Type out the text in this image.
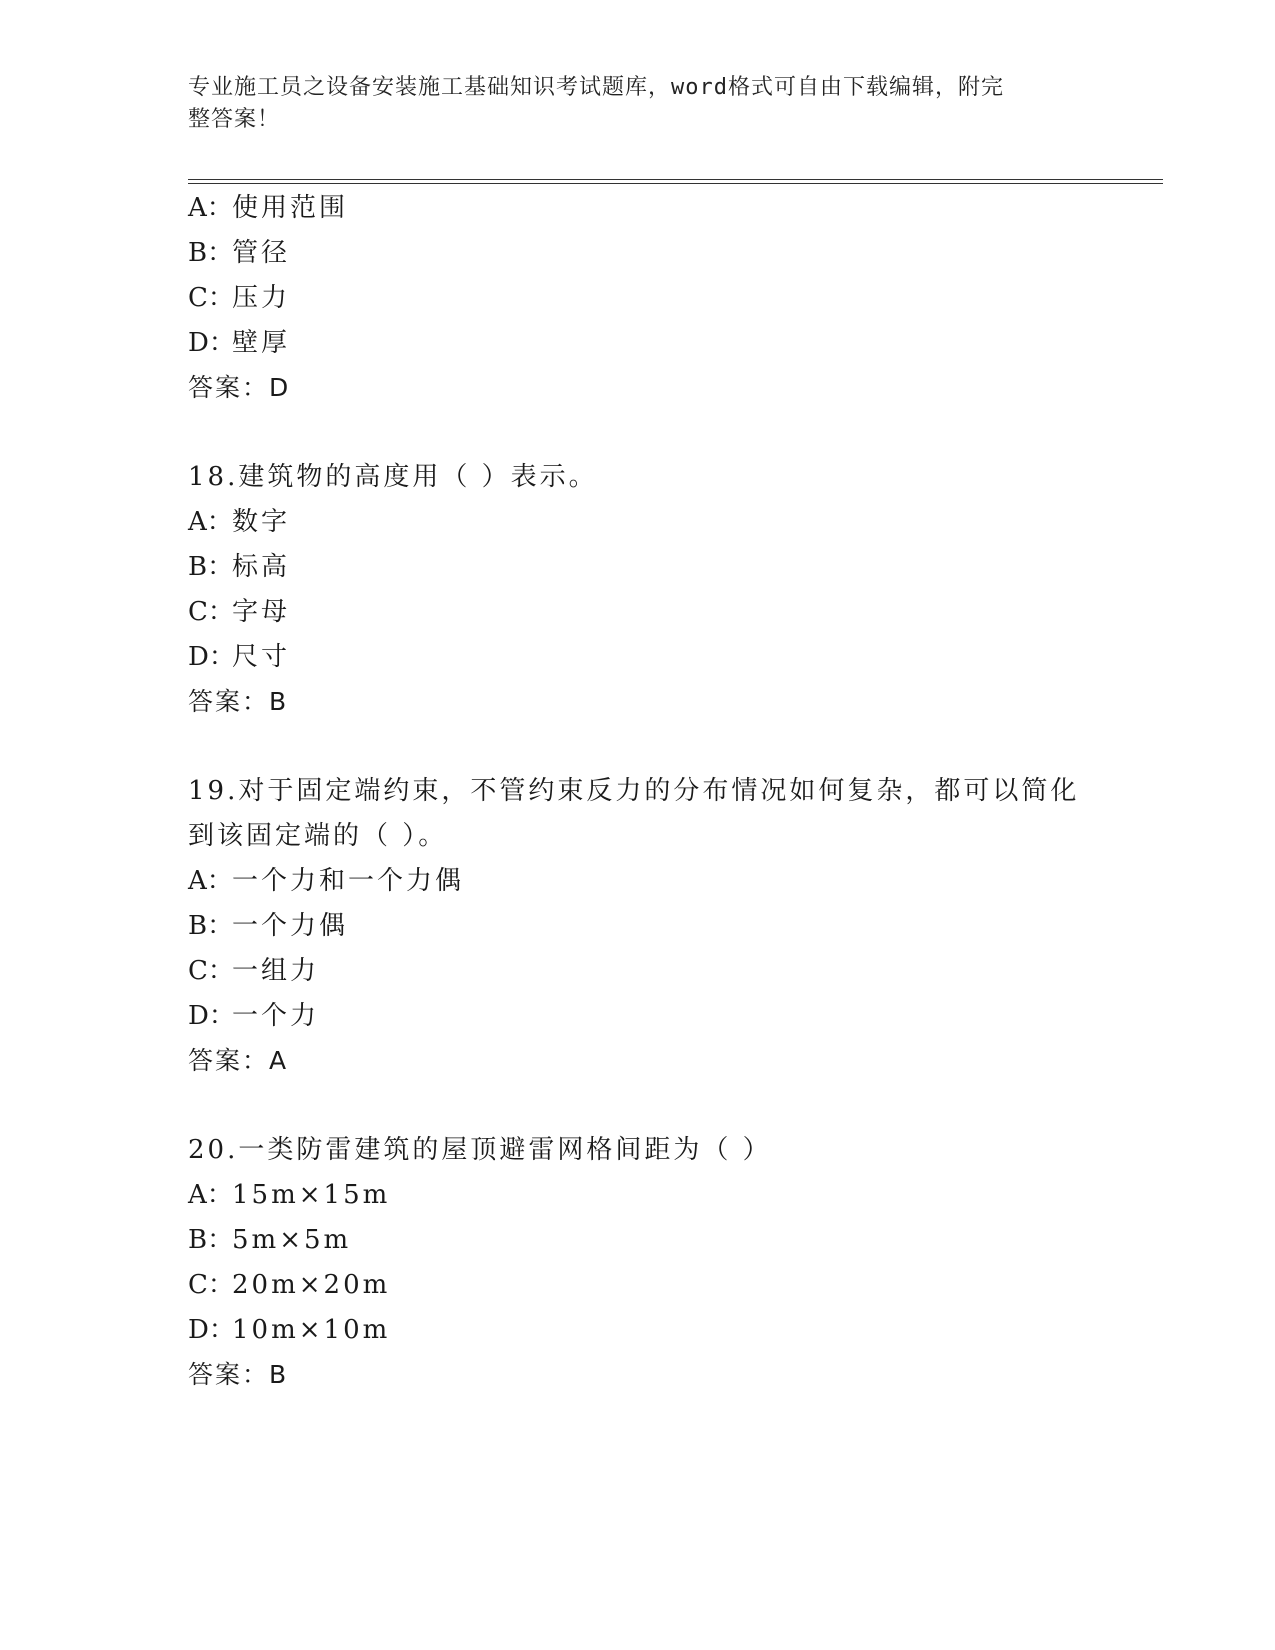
专业施工员之设备安装施工基础知识考试题库，word格式可自由下载编辑，附完
整答案！
A：使用范围
B：管径
C：压力
D：壁厚
答案：D
18.建筑物的高度用（ ）表示。
A：数字
B：标高
C：字母
D：尺寸
答案：B
19.对于固定端约束，不管约束反力的分布情况如何复杂，都可以简化
到该固定端的（ ）。
A：一个力和一个力偶
B：一个力偶
C：一组力
D：一个力
答案：A
20.一类防雷建筑的屋顶避雷网格间距为（ ）
A：15m×15m
B：5m×5m
C：20m×20m
D：10m×10m
答案：B
